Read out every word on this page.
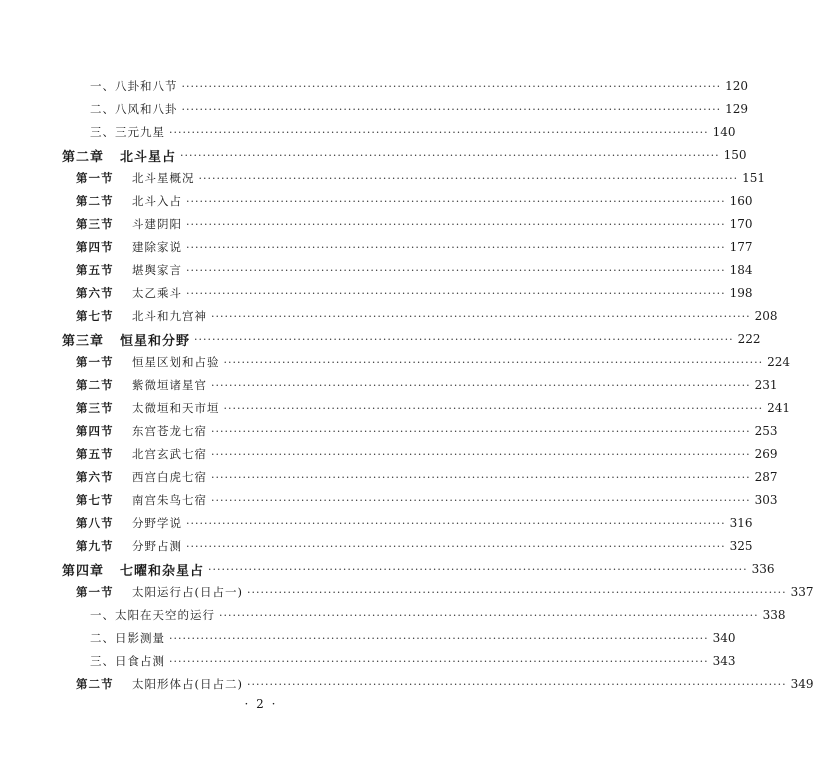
一、八卦和八节 ························································································································ 120
二、八风和八卦 ························································································································ 129
三、三元九星 ························································································································ 140
第二章 北斗星占 ························································································································ 150
第一节 北斗星概况 ························································································································ 151
第二节 北斗入占 ························································································································ 160
第三节 斗建阴阳 ························································································································ 170
第四节 建除家说 ························································································································ 177
第五节 堪舆家言 ························································································································ 184
第六节 太乙乘斗 ························································································································ 198
第七节 北斗和九宫神 ························································································································ 208
第三章 恒星和分野 ························································································································ 222
第一节 恒星区划和占验 ························································································································ 224
第二节 紫微垣诸星官 ························································································································ 231
第三节 太微垣和天市垣 ························································································································ 241
第四节 东宫苍龙七宿 ························································································································ 253
第五节 北宫玄武七宿 ························································································································ 269
第六节 西宫白虎七宿 ························································································································ 287
第七节 南宫朱鸟七宿 ························································································································ 303
第八节 分野学说 ························································································································ 316
第九节 分野占测 ························································································································ 325
第四章 七曜和杂星占 ························································································································ 336
第一节 太阳运行占(日占一) ························································································································ 337
一、太阳在天空的运行 ························································································································ 338
二、日影测量 ························································································································ 340
三、日食占测 ························································································································ 343
第二节 太阳形体占(日占二) ························································································································ 349
· 2 ·
